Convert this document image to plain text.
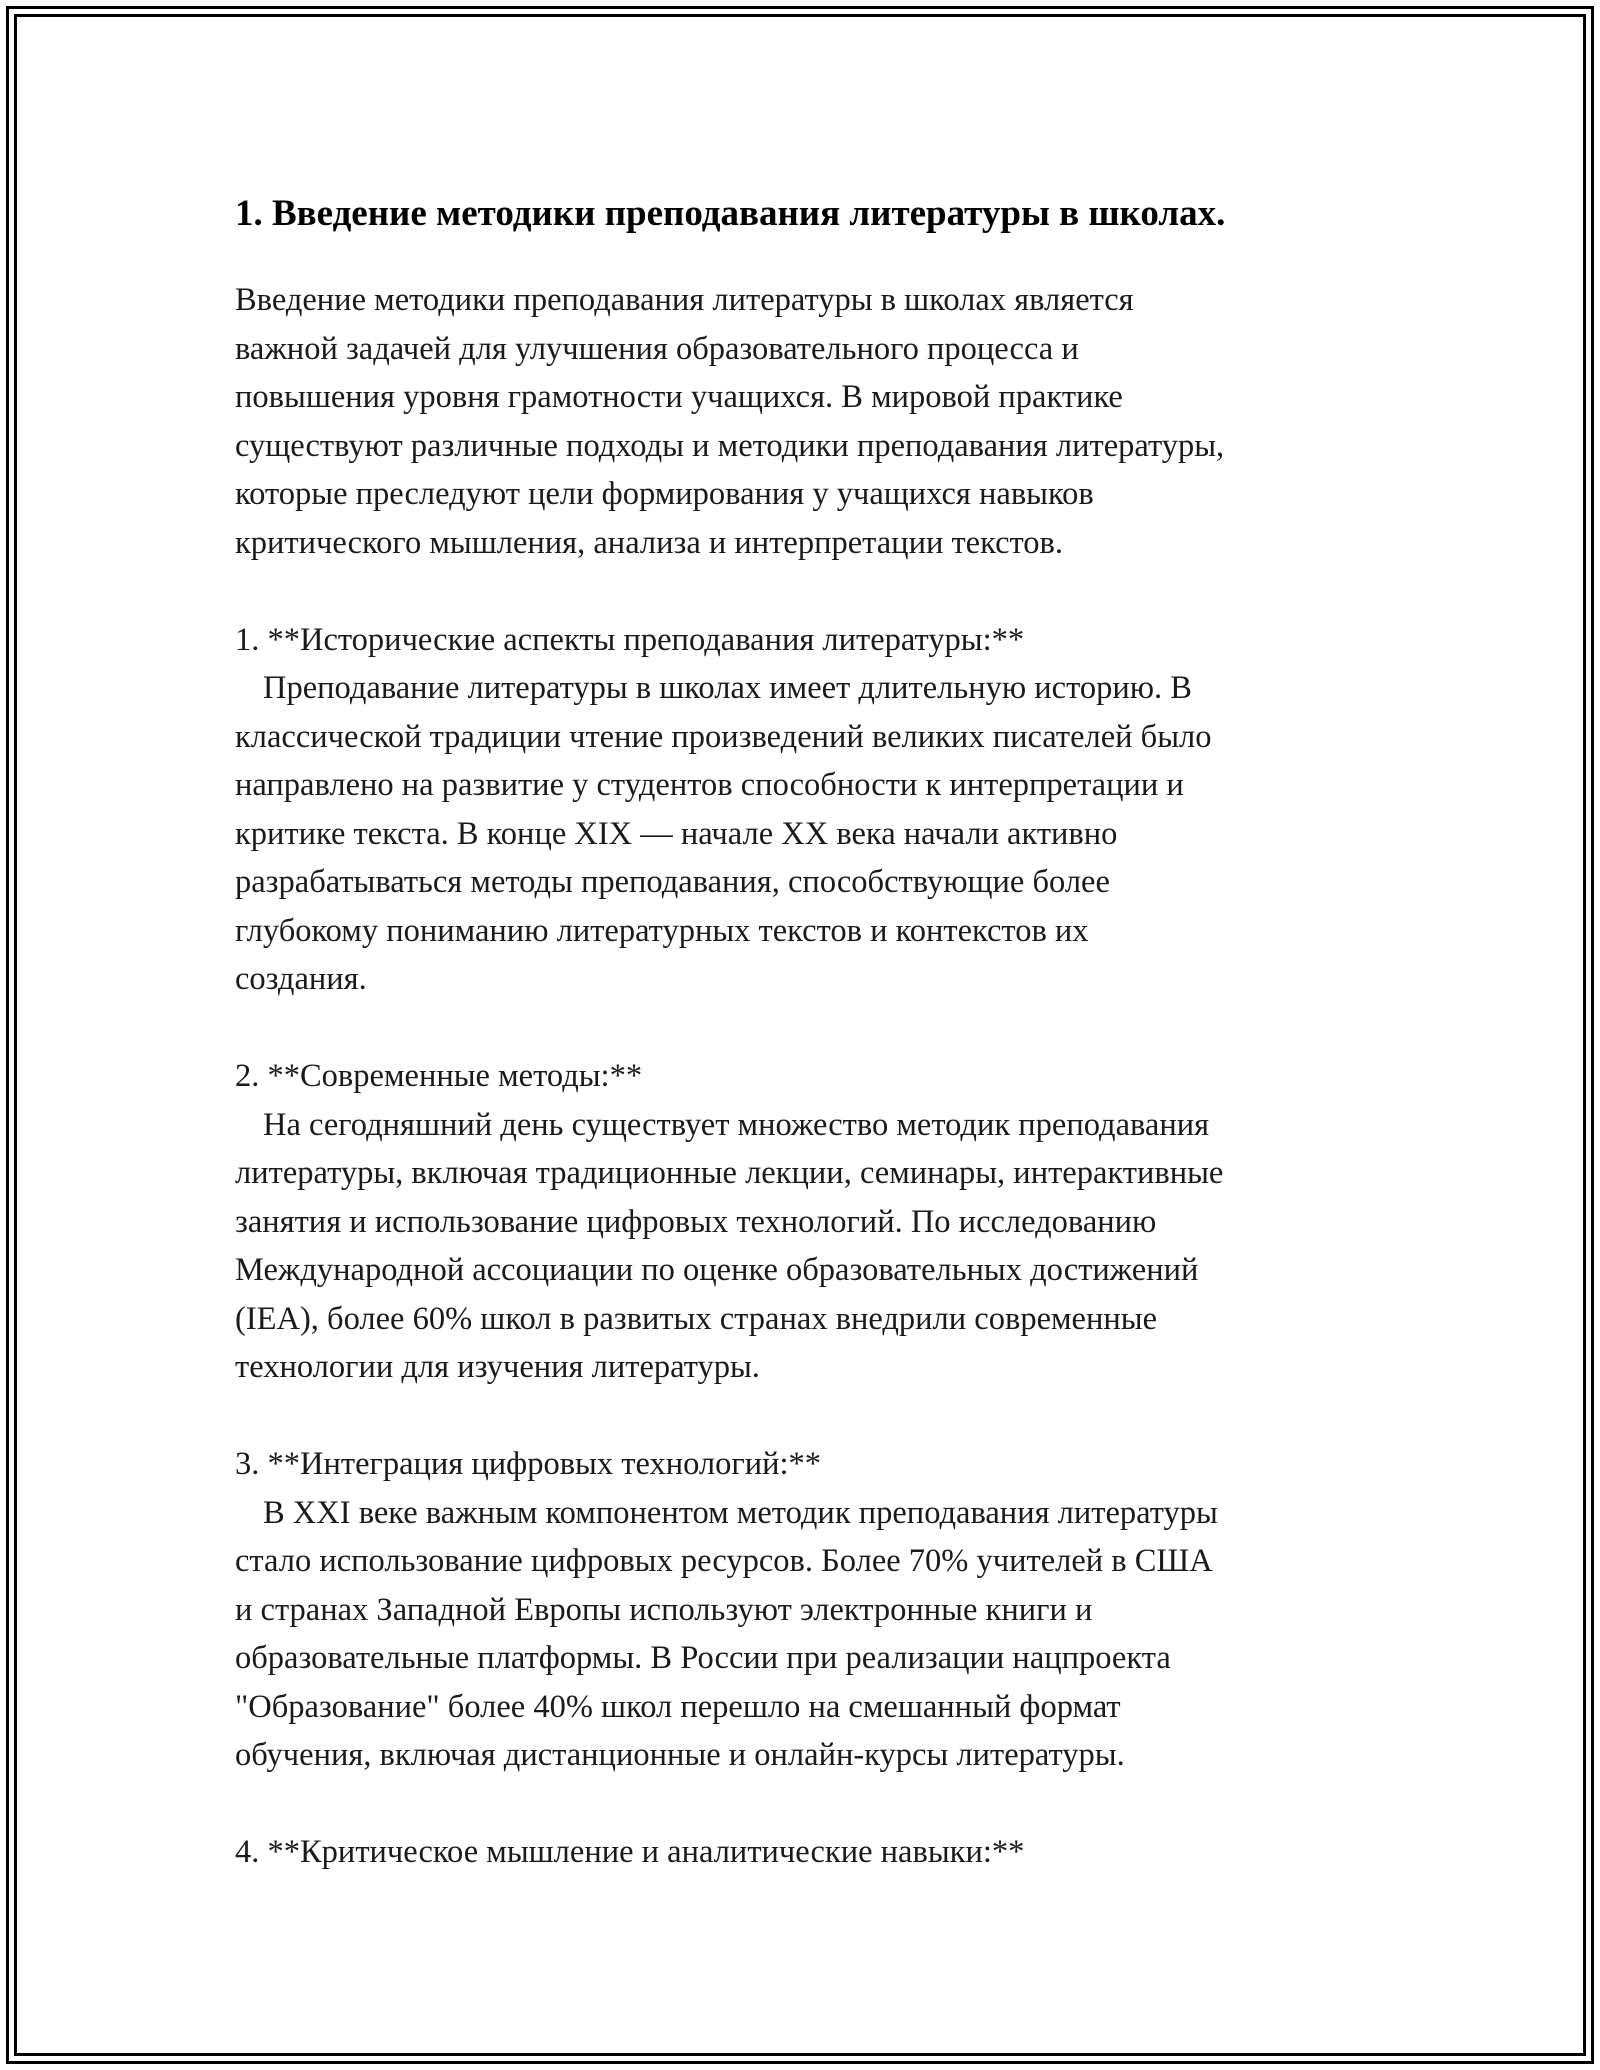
1. Введение методики преподавания литературы в школах.

Введение методики преподавания литературы в школах является
важной задачей для улучшения образовательного процесса и
повышения уровня грамотности учащихся. В мировой практике
существуют различные подходы и методики преподавания литературы,
которые преследуют цели формирования у учащихся навыков
критического мышления, анализа и интерпретации текстов.

1. **Исторические аспекты преподавания литературы:**

Преподавание литературы в школах имеет длительную историю. В
классической традиции чтение произведений великих писателей было
направлено на развитие у студентов способности к интерпретации и
критике текста. В конце XIX — начале XX века начали активно
разрабатываться методы преподавания, способствующие более
глубокому пониманию литературных текстов и контекстов их
создания.

2. **Современные методы:**

На сегодняшний день существует множество методик преподавания
литературы, включая традиционные лекции, семинары, интерактивные
занятия и использование цифровых технологий. По исследованию
Международной ассоциации по оценке образовательных достижений
(IEA), более 60% школ в развитых странах внедрили современные
технологии для изучения литературы.

3. **Интеграция цифровых технологий:**

В XXI веке важным компонентом методик преподавания литературы
стало использование цифровых ресурсов. Более 70% учителей в США
и странах Западной Европы используют электронные книги и
образовательные платформы. В России при реализации нацпроекта
"Образование" более 40% школ перешло на смешанный формат
обучения, включая дистанционные и онлайн-курсы литературы.

4. **Критическое мышление и аналитические навыки:**
